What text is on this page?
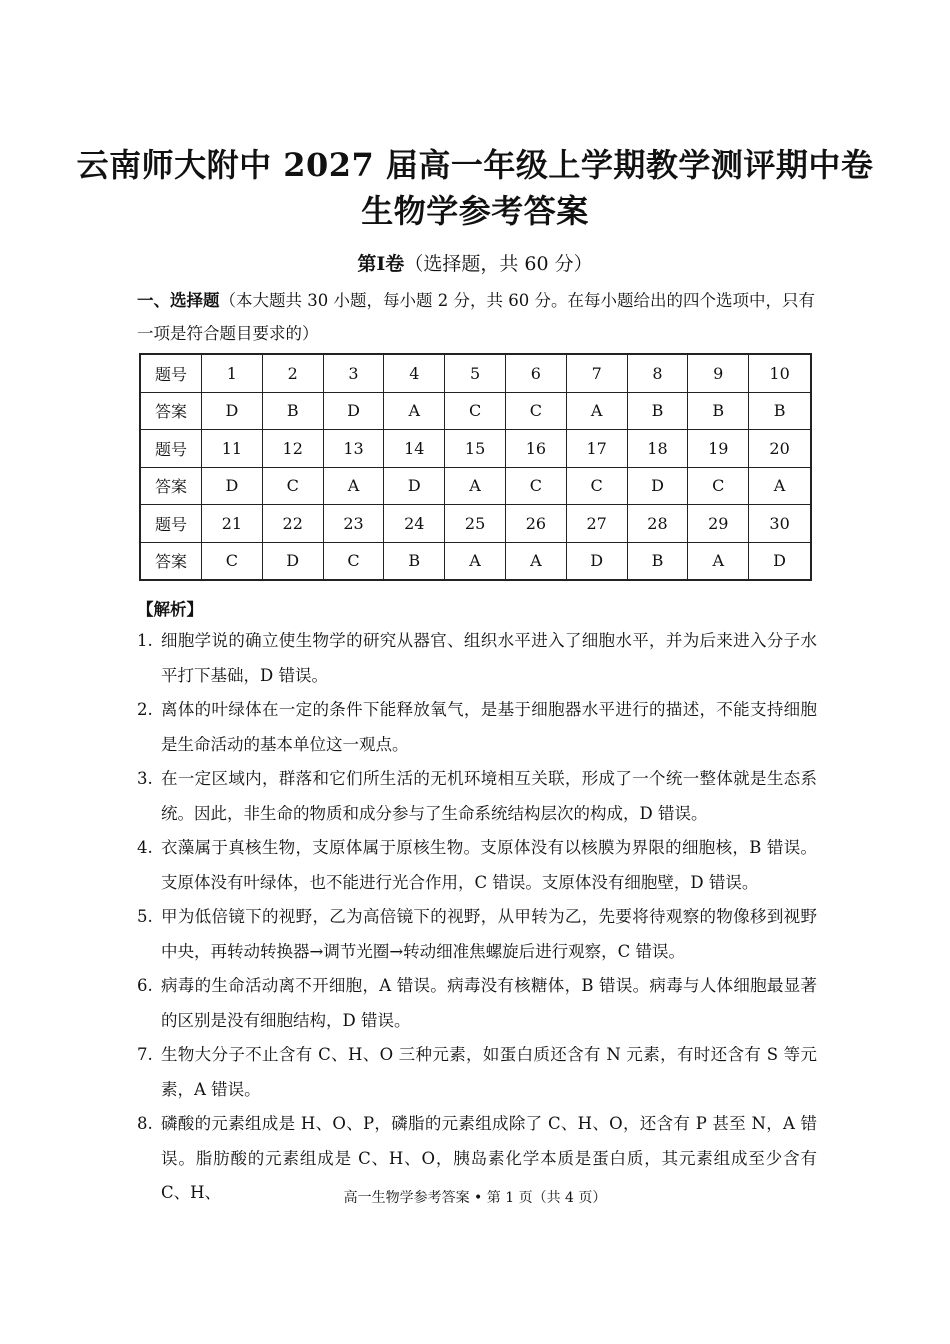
云南师大附中 2027 届高一年级上学期教学测评期中卷
生物学参考答案
第Ⅰ卷（选择题，共 60 分）
一、选择题（本大题共 30 小题，每小题 2 分，共 60 分。在每小题给出的四个选项中，只有一项是符合题目要求的）
题号	1	2	3	4	5	6	7	8	9	10
答案	D	B	D	A	C	C	A	B	B	B
题号	11	12	13	14	15	16	17	18	19	20
答案	D	C	A	D	A	C	C	D	C	A
题号	21	22	23	24	25	26	27	28	29	30
答案	C	D	C	B	A	A	D	B	A	D
【解析】
1. 细胞学说的确立使生物学的研究从器官、组织水平进入了细胞水平，并为后来进入分子水平打下基础，D 错误。
2. 离体的叶绿体在一定的条件下能释放氧气，是基于细胞器水平进行的描述，不能支持细胞是生命活动的基本单位这一观点。
3. 在一定区域内，群落和它们所生活的无机环境相互关联，形成了一个统一整体就是生态系统。因此，非生命的物质和成分参与了生命系统结构层次的构成，D 错误。
4. 衣藻属于真核生物，支原体属于原核生物。支原体没有以核膜为界限的细胞核，B 错误。支原体没有叶绿体，也不能进行光合作用，C 错误。支原体没有细胞壁，D 错误。
5. 甲为低倍镜下的视野，乙为高倍镜下的视野，从甲转为乙，先要将待观察的物像移到视野中央，再转动转换器→调节光圈→转动细准焦螺旋后进行观察，C 错误。
6. 病毒的生命活动离不开细胞，A 错误。病毒没有核糖体，B 错误。病毒与人体细胞最显著的区别是没有细胞结构，D 错误。
7. 生物大分子不止含有 C、H、O 三种元素，如蛋白质还含有 N 元素，有时还含有 S 等元素，A 错误。
8. 磷酸的元素组成是 H、O、P，磷脂的元素组成除了 C、H、O，还含有 P 甚至 N，A 错误。脂肪酸的元素组成是 C、H、O，胰岛素化学本质是蛋白质，其元素组成至少含有 C、H、	高一生物学参考答案 • 第 1 页（共 4 页）
